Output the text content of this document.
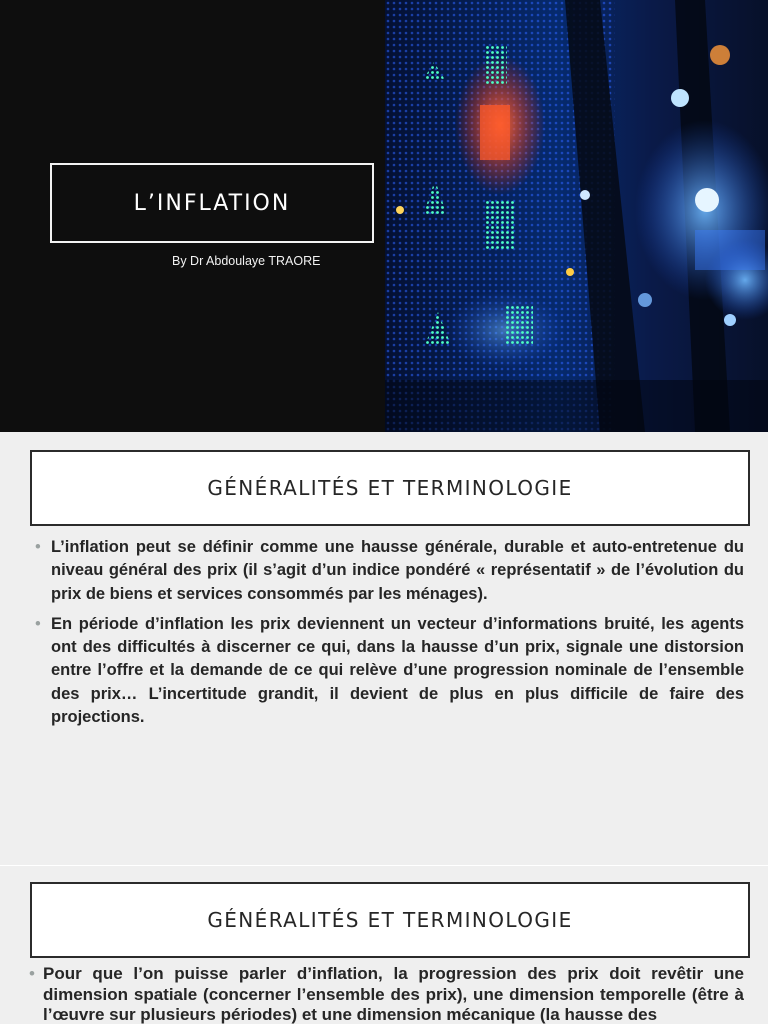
L’INFLATION
By Dr Abdoulaye TRAORE
GÉNÉRALITÉS ET TERMINOLOGIE
• L’inflation peut se définir comme une hausse générale, durable et auto-entretenue du niveau général des prix (il s’agit d’un indice pondéré « représentatif » de l’évolution du prix de biens et services consommés par les ménages).
• En période d’inflation les prix deviennent un vecteur d’informations bruité, les agents ont des difficultés à discerner ce qui, dans la hausse d’un prix, signale une distorsion entre l’offre et la demande de ce qui relève d’une progression nominale de l’ensemble des prix… L’incertitude grandit, il devient de plus en plus difficile de faire des projections.
GÉNÉRALITÉS ET TERMINOLOGIE
• Pour que l’on puisse parler d’inflation, la progression des prix doit revêtir une dimension spatiale (concerner l’ensemble des prix), une dimension temporelle (être à l’œuvre sur plusieurs périodes) et une dimension mécanique (la hausse des
